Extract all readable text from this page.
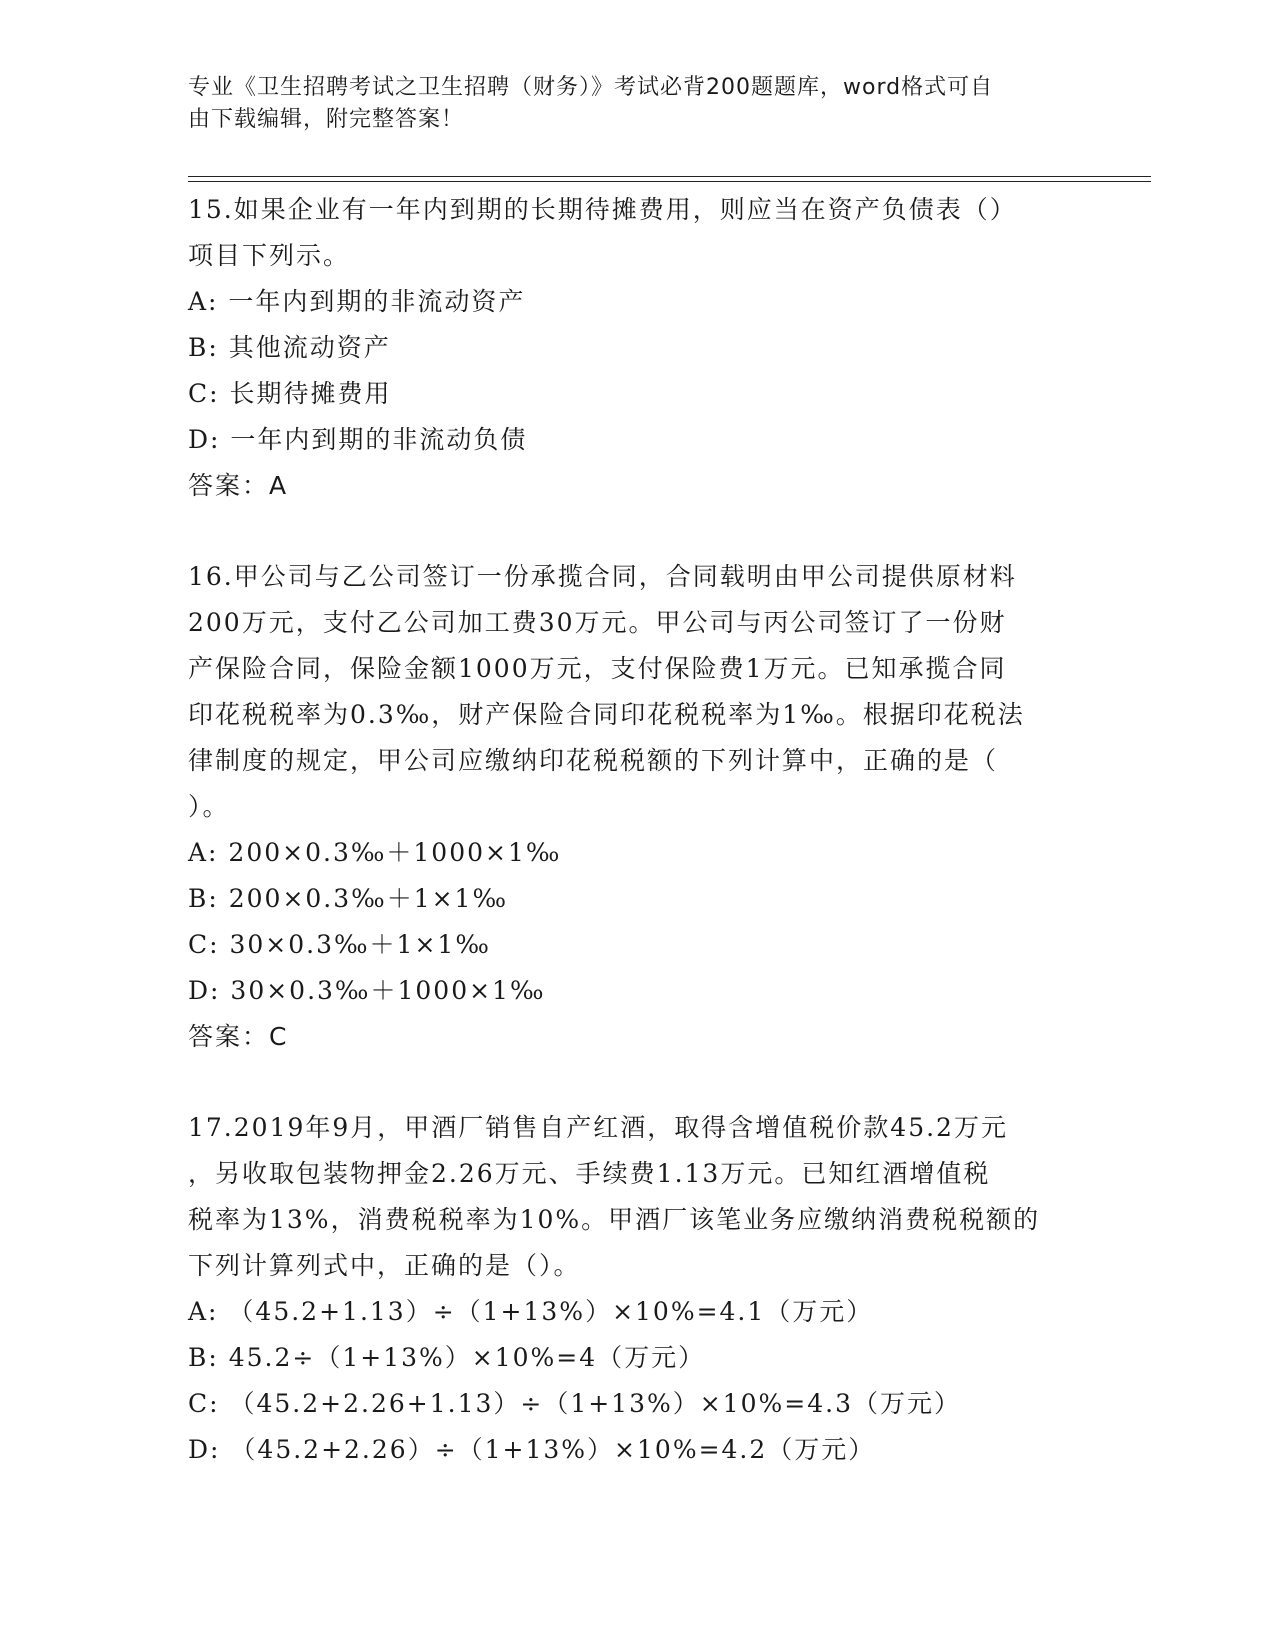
专业《卫生招聘考试之卫生招聘（财务）》考试必背200题题库，word格式可自
由下载编辑，附完整答案！
15.如果企业有一年内到期的长期待摊费用，则应当在资产负债表（）
项目下列示。
A: 一年内到期的非流动资产
B: 其他流动资产
C: 长期待摊费用
D: 一年内到期的非流动负债
答案：A
16.甲公司与乙公司签订一份承揽合同，合同载明由甲公司提供原材料
200万元，支付乙公司加工费30万元。甲公司与丙公司签订了一份财
产保险合同，保险金额1000万元，支付保险费1万元。已知承揽合同
印花税税率为0.3‰，财产保险合同印花税税率为1‰。根据印花税法
律制度的规定，甲公司应缴纳印花税税额的下列计算中，正确的是（
）。
A: 200×0.3‰＋1000×1‰
B: 200×0.3‰＋1×1‰
C: 30×0.3‰＋1×1‰
D: 30×0.3‰＋1000×1‰
答案：C
17.2019年9月，甲酒厂销售自产红酒，取得含增值税价款45.2万元
，另收取包装物押金2.26万元、手续费1.13万元。已知红酒增值税
税率为13%，消费税税率为10%。甲酒厂该笔业务应缴纳消费税税额的
下列计算列式中，正确的是（）。
A: （45.2+1.13）÷（1+13%）×10%=4.1（万元）
B: 45.2÷（1+13%）×10%=4（万元）
C: （45.2+2.26+1.13）÷（1+13%）×10%=4.3（万元）
D: （45.2+2.26）÷（1+13%）×10%=4.2（万元）
